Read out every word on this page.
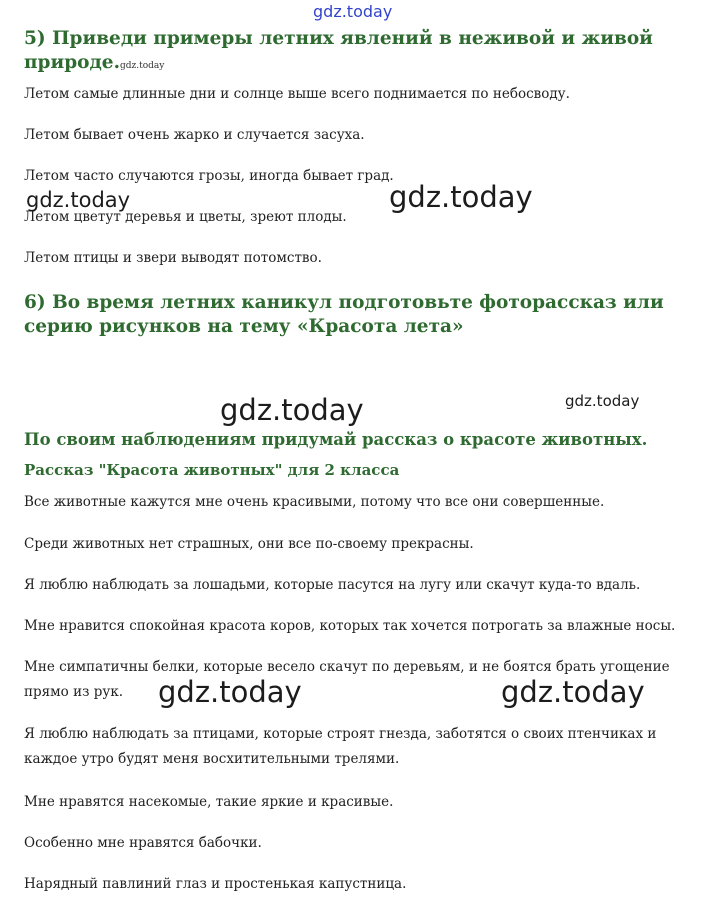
gdz.today
5) Приведи примеры летних явлений в неживой и живой природе.gdz.today

Летом самые длинные дни и солнце выше всего поднимается по небосводу.

Летом бывает очень жарко и случается засуха.

Летом часто случаются грозы, иногда бывает град.

Летом цветут деревья и цветы, зреют плоды.

Летом птицы и звери выводят потомство.

gdz.today	gdz.today
6) Во время летних каникул подготовьте фоторассказ или серию рисунков на тему «Красота лета»
gdz.today	gdz.today
По своим наблюдениям придумай рассказ о красоте животных.
Рассказ "Красота животных" для 2 класса

Все животные кажутся мне очень красивыми, потому что все они совершенные.

Среди животных нет страшных, они все по-своему прекрасны.

Я люблю наблюдать за лошадьми, которые пасутся на лугу или скачут куда-то вдаль.

Мне нравится спокойная красота коров, которых так хочется потрогать за влажные носы.

Мне симпатичны белки, которые весело скачут по деревьям, и не боятся брать угощение прямо из рук.	gdz.today	gdz.today

Я люблю наблюдать за птицами, которые строят гнезда, заботятся о своих птенчиках и каждое утро будят меня восхитительными трелями.

Мне нравятся насекомые, такие яркие и красивые.

Особенно мне нравятся бабочки.

Нарядный павлиний глаз и простенькая капустница.
